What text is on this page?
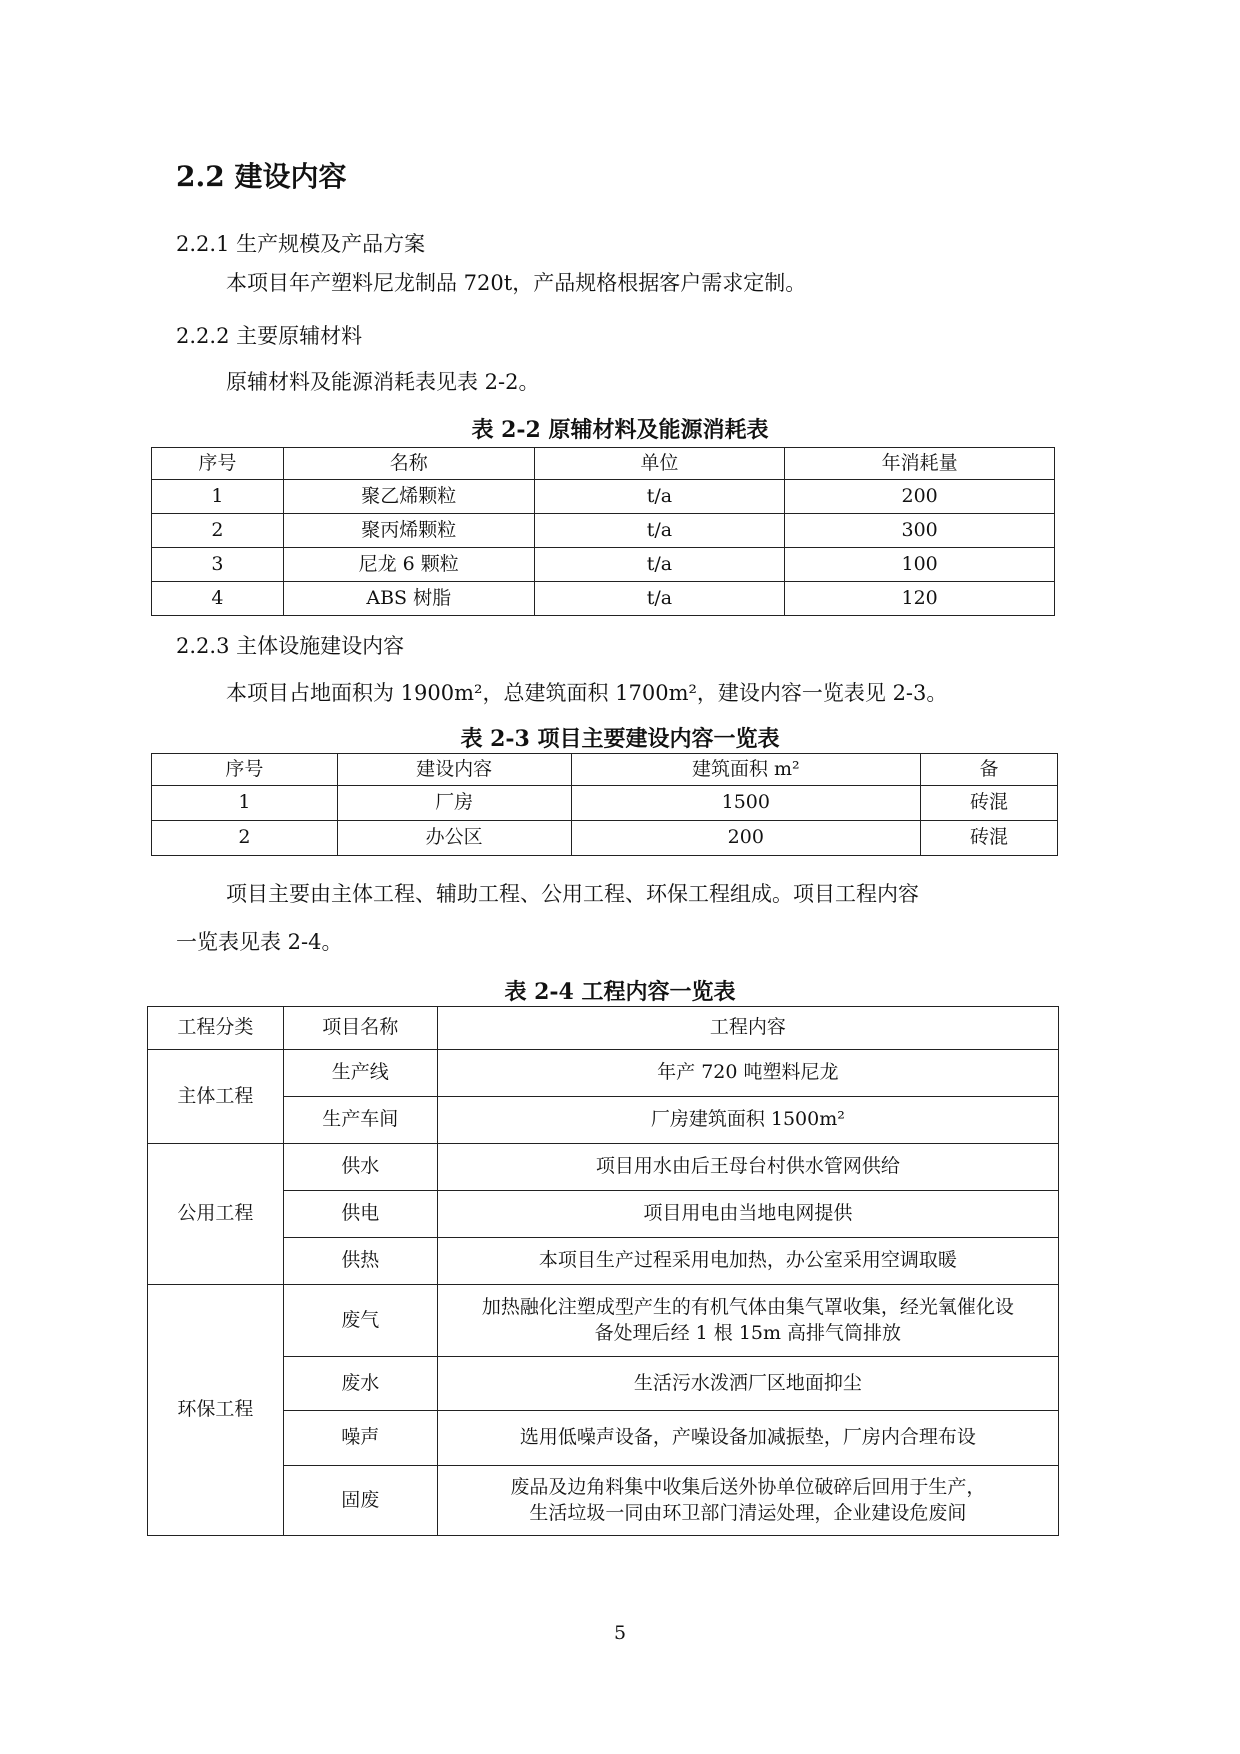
2.2 建设内容
2.2.1 生产规模及产品方案
本项目年产塑料尼龙制品 720t，产品规格根据客户需求定制。
2.2.2 主要原辅材料
原辅材料及能源消耗表见表 2-2。
表 2-2 原辅材料及能源消耗表
序号	名称	单位	年消耗量
1	聚乙烯颗粒	t/a	200
2	聚丙烯颗粒	t/a	300
3	尼龙 6 颗粒	t/a	100
4	ABS 树脂	t/a	120
2.2.3 主体设施建设内容
本项目占地面积为 1900m²，总建筑面积 1700m²，建设内容一览表见 2-3。
表 2-3 项目主要建设内容一览表
序号	建设内容	建筑面积 m²	备
1	厂房	1500	砖混
2	办公区	200	砖混
项目主要由主体工程、辅助工程、公用工程、环保工程组成。项目工程内容
一览表见表 2-4。
表 2-4 工程内容一览表
工程分类	项目名称	工程内容
主体工程	生产线	年产 720 吨塑料尼龙
	生产车间	厂房建筑面积 1500m²
公用工程	供水	项目用水由后王母台村供水管网供给
	供电	项目用电由当地电网提供
	供热	本项目生产过程采用电加热，办公室采用空调取暖
环保工程	废气	加热融化注塑成型产生的有机气体由集气罩收集，经光氧催化设
备处理后经 1 根 15m 高排气筒排放

	废水	生活污水泼洒厂区地面抑尘
	噪声	选用低噪声设备，产噪设备加减振垫，厂房内合理布设
	固废	废品及边角料集中收集后送外协单位破碎后回用于生产，
生活垃圾一同由环卫部门清运处理，企业建设危废间
5
